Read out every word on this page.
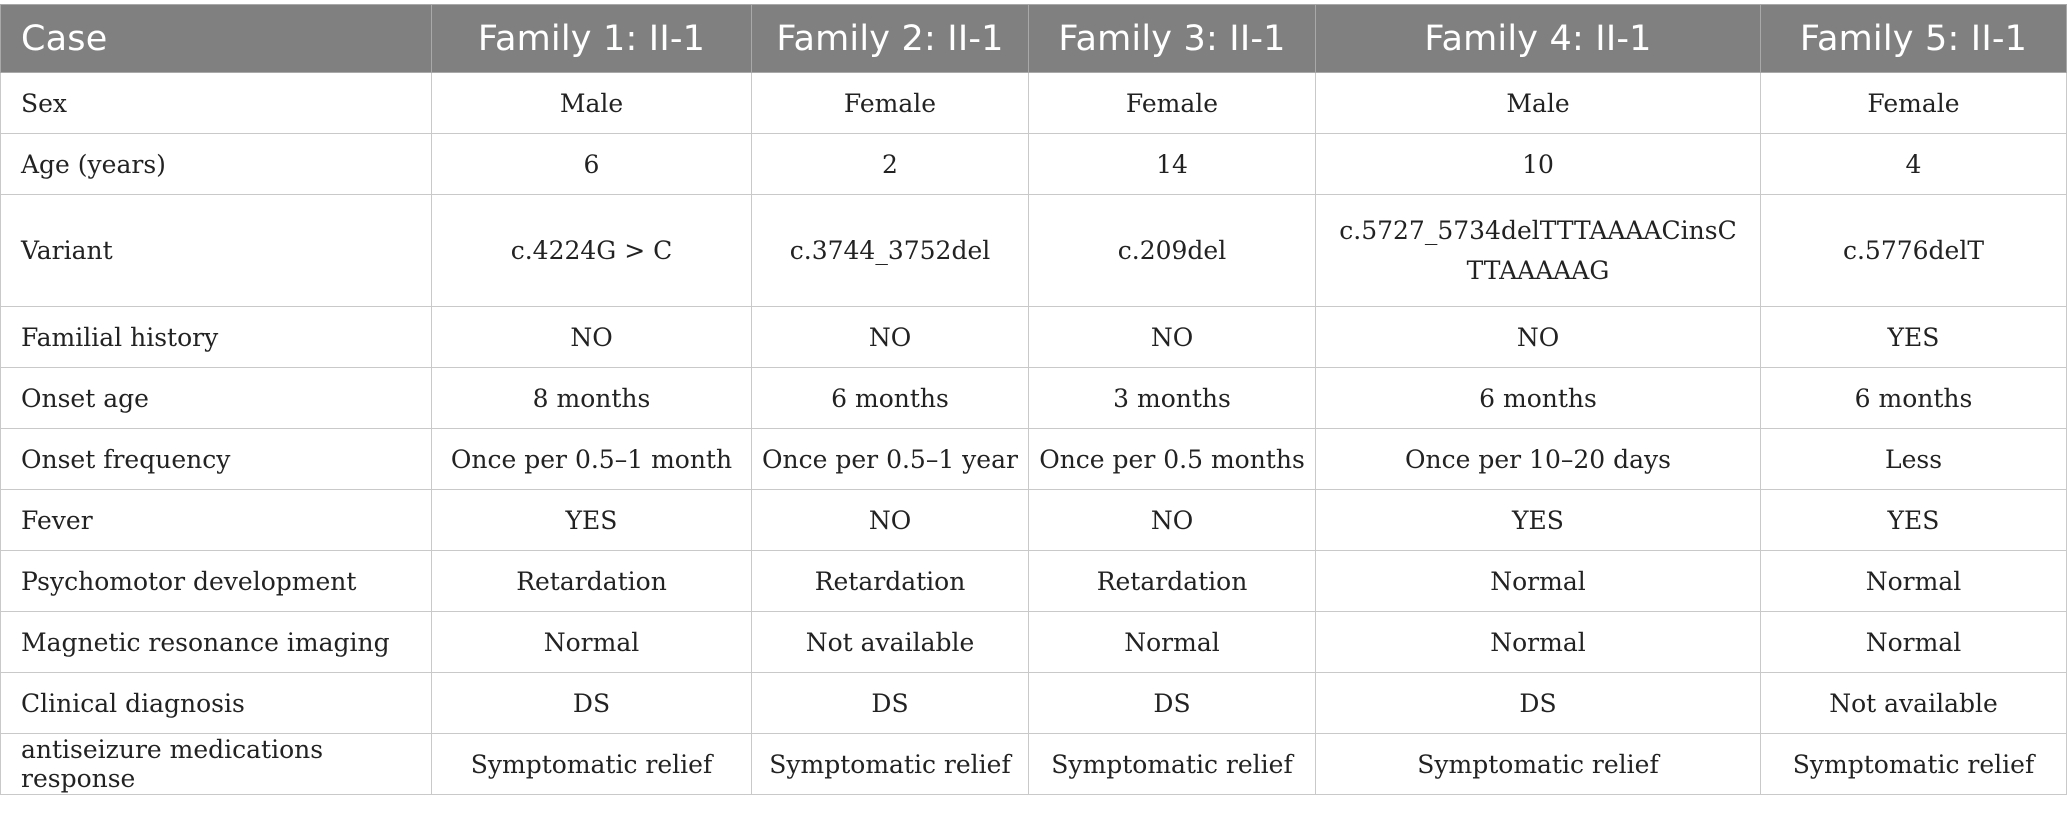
Case	Family 1: II-1	Family 2: II-1	Family 3: II-1	Family 4: II-1	Family 5: II-1
Sex	Male	Female	Female	Male	Female
Age (years)	6	2	14	10	4
Variant	c.4224G > C	c.3744_3752del	c.209del	c.5727_5734delTTTAAAACinsCTTAAAAAG	c.5776delT
Familial history	NO	NO	NO	NO	YES
Onset age	8 months	6 months	3 months	6 months	6 months
Onset frequency	Once per 0.5–1 month	Once per 0.5–1 year	Once per 0.5 months	Once per 10–20 days	Less
Fever	YES	NO	NO	YES	YES
Psychomotor development	Retardation	Retardation	Retardation	Normal	Normal
Magnetic resonance imaging	Normal	Not available	Normal	Normal	Normal
Clinical diagnosis	DS	DS	DS	DS	Not available
antiseizure medications response	Symptomatic relief	Symptomatic relief	Symptomatic relief	Symptomatic relief	Symptomatic relief
